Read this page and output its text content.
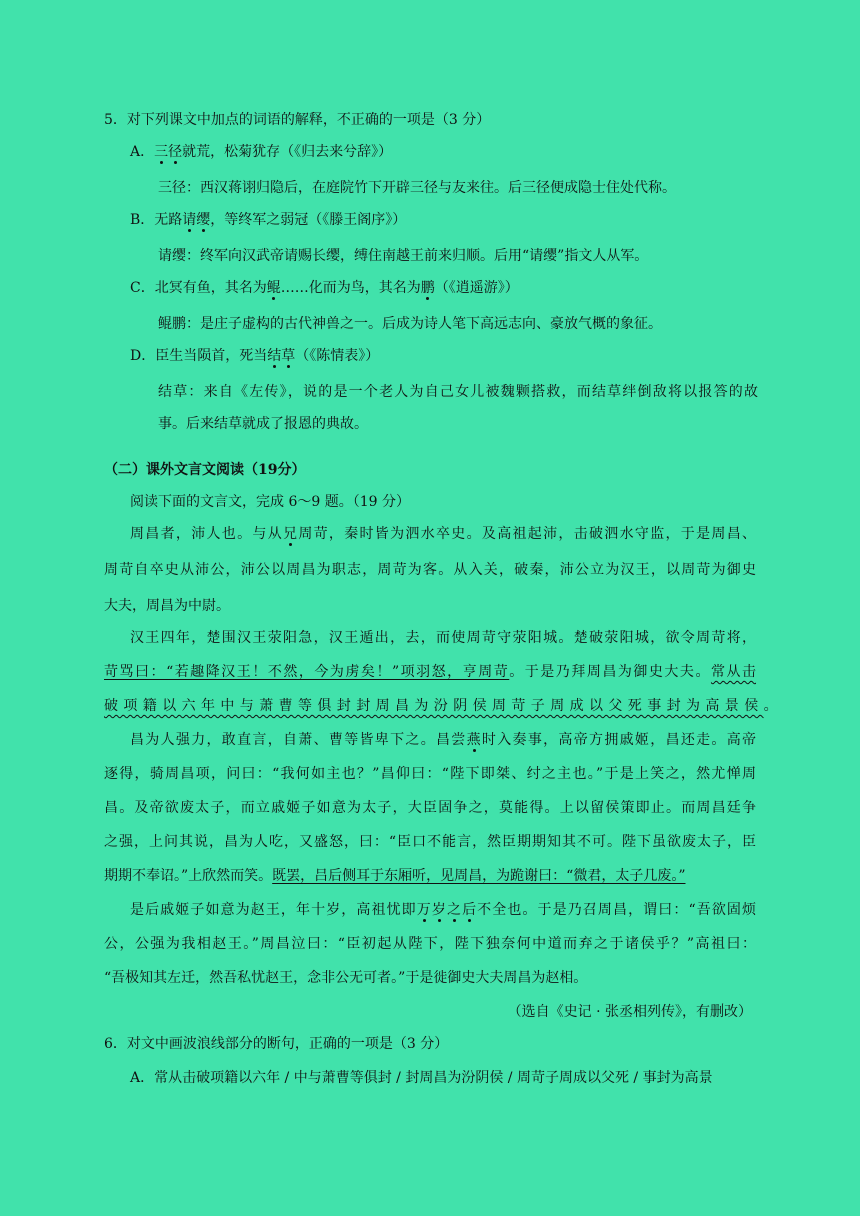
5．对下列课文中加点的词语的解释，不正确的一项是（3 分）
A．三径就荒，松菊犹存（《归去来兮辞》）
三径：西汉蒋诩归隐后，在庭院竹下开辟三径与友来往。后三径便成隐士住处代称。
B．无路请缨，等终军之弱冠（《滕王阁序》）
请缨：终军向汉武帝请赐长缨，缚住南越王前来归顺。后用“请缨”指文人从军。
C．北冥有鱼，其名为鲲……化而为鸟，其名为鹏（《逍遥游》）
鲲鹏：是庄子虚构的古代神兽之一。后成为诗人笔下高远志向、豪放气概的象征。
D．臣生当陨首，死当结草（《陈情表》）
结草：来自《左传》，说的是一个老人为自己女儿被魏颗搭救，而结草绊倒敌将以报答的故
事。后来结草就成了报恩的典故。
（二）课外文言文阅读（19分）
阅读下面的文言文，完成 6～9 题。（19 分）
周昌者，沛人也。与从兄周苛，秦时皆为泗水卒史。及高祖起沛，击破泗水守监，于是周昌、
周苛自卒史从沛公，沛公以周昌为职志，周苛为客。从入关，破秦，沛公立为汉王，以周苛为御史
大夫，周昌为中尉。
汉王四年，楚围汉王荥阳急，汉王遁出，去，而使周苛守荥阳城。楚破荥阳城，欲令周苛将，
苛骂曰：“若趣降汉王！不然，今为虏矣！”项羽怒，亨周苛。于是乃拜周昌为御史大夫。常从击
破项籍以六年中与萧曹等俱封封周昌为汾阴侯周苛子周成以父死事封为高景侯。
昌为人强力，敢直言，自萧、曹等皆卑下之。昌尝燕时入奏事，高帝方拥戚姬，昌还走。高帝
逐得，骑周昌项，问曰：“我何如主也？”昌仰曰：“陛下即桀、纣之主也。”于是上笑之，然尤惮周
昌。及帝欲废太子，而立戚姬子如意为太子，大臣固争之，莫能得。上以留侯策即止。而周昌廷争
之强，上问其说，昌为人吃，又盛怒，曰：“臣口不能言，然臣期期知其不可。陛下虽欲废太子，臣
期期不奉诏。”上欣然而笑。既罢，吕后侧耳于东厢听，见周昌，为跪谢曰：“微君，太子几废。”
是后戚姬子如意为赵王，年十岁，高祖忧即万岁之后不全也。于是乃召周昌，谓曰：“吾欲固烦
公，公强为我相赵王。”周昌泣曰：“臣初起从陛下，陛下独奈何中道而弃之于诸侯乎？”高祖曰：
“吾极知其左迁，然吾私忧赵王，念非公无可者。”于是徙御史大夫周昌为赵相。
（选自《史记 · 张丞相列传》，有删改）
6．对文中画波浪线部分的断句，正确的一项是（3 分）
A．常从击破项籍以六年 / 中与萧曹等俱封 / 封周昌为汾阴侯 / 周苛子周成以父死 / 事封为高景
